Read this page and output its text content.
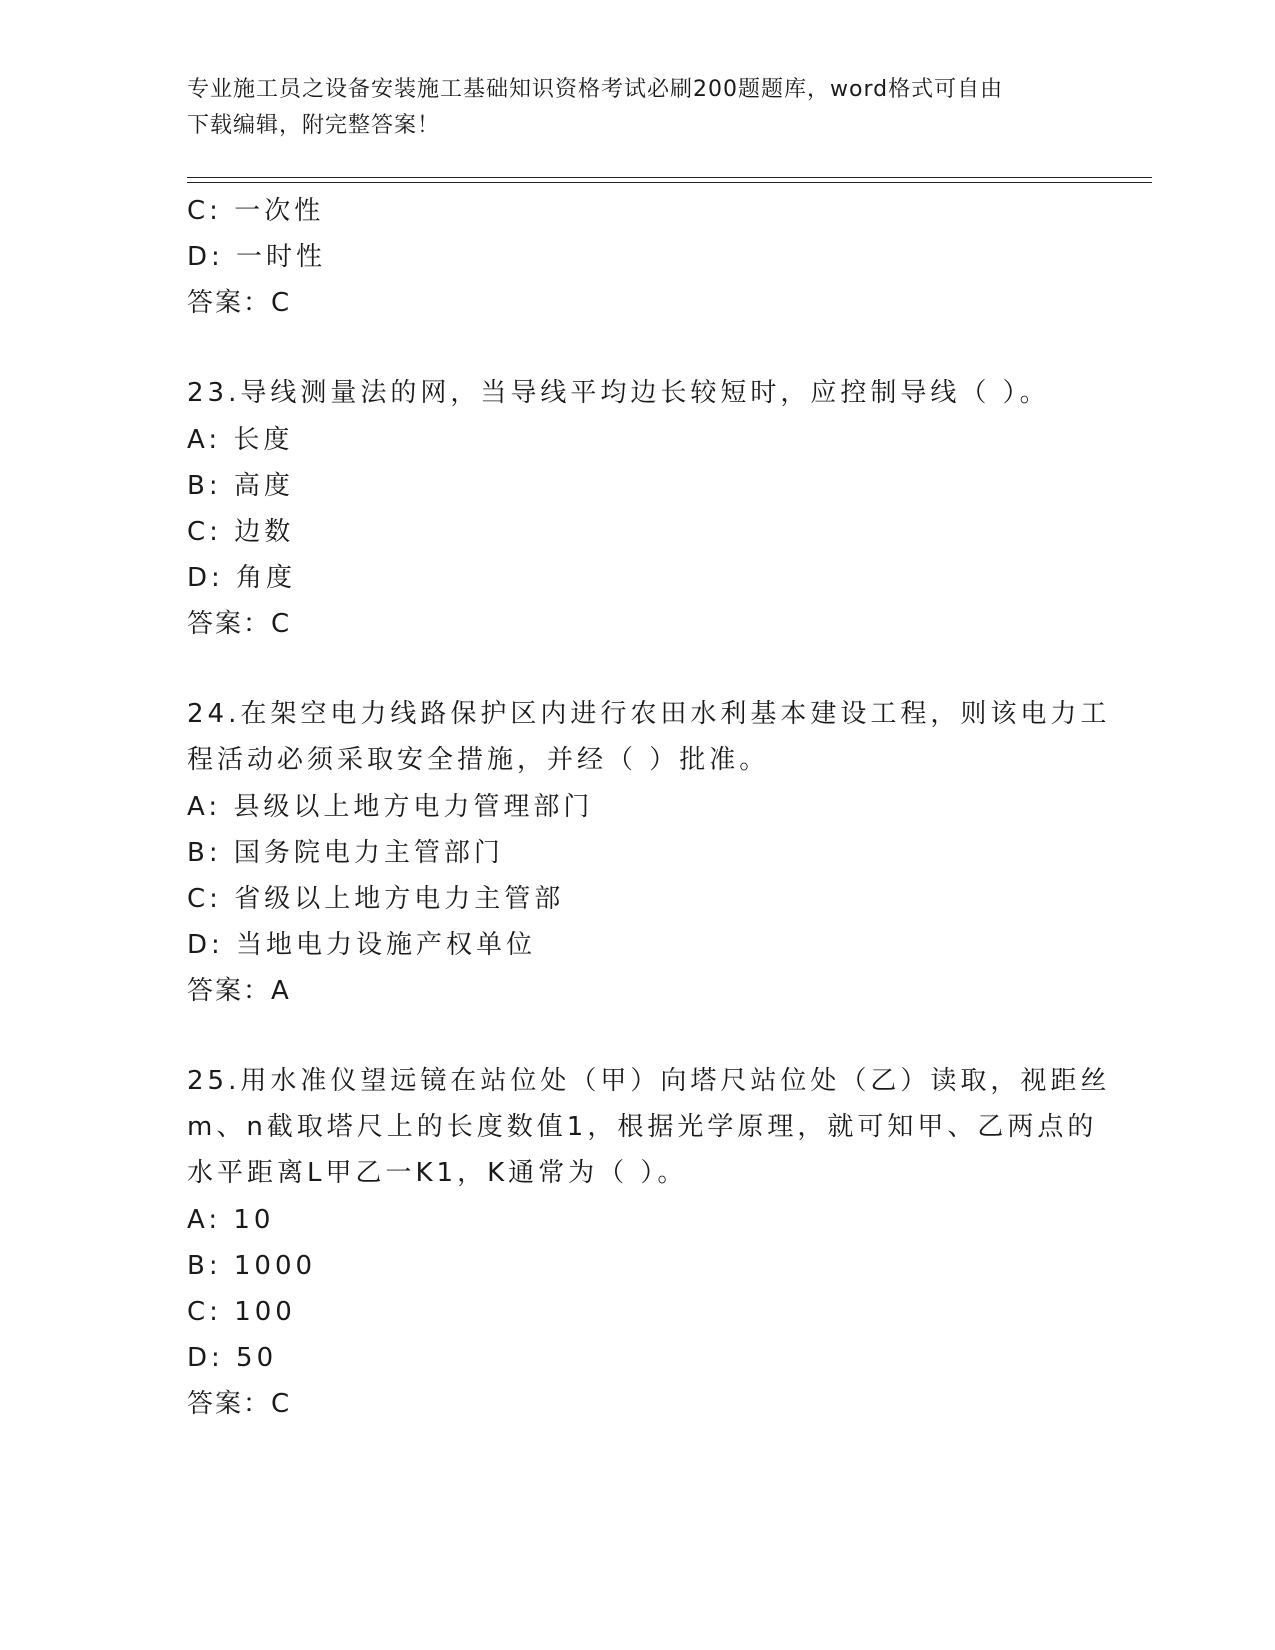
专业施工员之设备安装施工基础知识资格考试必刷200题题库，word格式可自由
下载编辑，附完整答案！
C: 一次性
D: 一时性
答案：C
23.导线测量法的网，当导线平均边长较短时，应控制导线（ ）。
A: 长度
B: 高度
C: 边数
D: 角度
答案：C
24.在架空电力线路保护区内进行农田水利基本建设工程，则该电力工
程活动必须采取安全措施，并经（ ）批准。
A: 县级以上地方电力管理部门
B: 国务院电力主管部门
C: 省级以上地方电力主管部
D: 当地电力设施产权单位
答案：A
25.用水准仪望远镜在站位处（甲）向塔尺站位处（乙）读取，视距丝
m、n截取塔尺上的长度数值1，根据光学原理，就可知甲、乙两点的
水平距离L甲乙一K1，K通常为（ ）。
A: 10
B: 1000
C: 100
D: 50
答案：C
